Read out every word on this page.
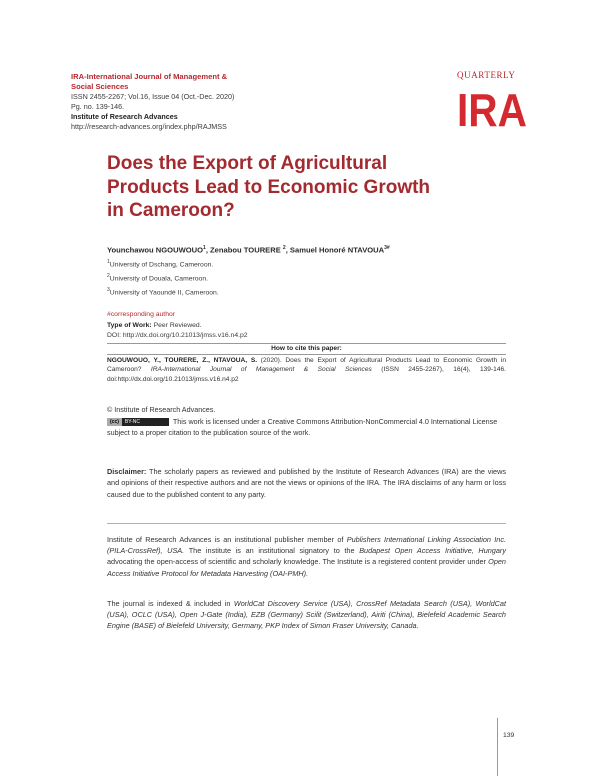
IRA-International Journal of Management &
Social Sciences
ISSN 2455-2267; Vol.16, Issue 04 (Oct.-Dec. 2020)
Pg. no. 139-146.
Institute of Research Advances
http://research-advances.org/index.php/RAJMSS
QUARTERLY
IRA
Does the Export of Agricultural
Products Lead to Economic Growth
in Cameroon?
Younchawou NGOUWOUO$^1$, Zenabou TOURERE $^2$, Samuel Honoré $NTAVOUA^{3\#}$
$^1$University of Dschang, Cameroon.
$^2$University of Douala, Cameroon.
$^3$University of Yaoundé II, Cameroon.
#corresponding author
Type of Work: Peer Reviewed.
DOI: http://dx.doi.org/10.21013/jmss.v16.n4.p2
How to cite this paper:
NGOUWOUO, Y., TOURERE, Z., NTAVOUA, S. (2020). Does the Export of Agricultural Products Lead to Economic Growth in Cameroon? IRA-International Journal of Management & Social Sciences (ISSN 2455-2267), 16(4), 139-146. doi:http://dx.doi.org/10.21013/jmss.v16.n4.p2
© Institute of Research Advances.
(cc) BY-NC	This work is licensed under a Creative Commons Attribution-NonCommercial 4.0 International License subject to a proper citation to the publication source of the work.
Disclaimer: The scholarly papers as reviewed and published by the Institute of Research Advances (IRA) are the views and opinions of their respective authors and are not the views or opinions of the IRA. The IRA disclaims of any harm or loss caused due to the published content to any party.
Institute of Research Advances is an institutional publisher member of Publishers International Linking Association Inc. (PILA-CrossRef), USA. The institute is an institutional signatory to the Budapest Open Access Initiative, Hungary advocating the open-access of scientific and scholarly knowledge. The Institute is a registered content provider under Open Access Initiative Protocol for Metadata Harvesting (OAI-PMH).
The journal is indexed & included in WorldCat Discovery Service (USA), CrossRef Metadata Search (USA), WorldCat (USA), OCLC (USA), Open J-Gate (India), EZB (Germany) Scilit (Switzerland), Airiti (China), Bielefeld Academic Search Engine (BASE) of Bielefeld University, Germany, PKP Index of Simon Fraser University, Canada.
139
